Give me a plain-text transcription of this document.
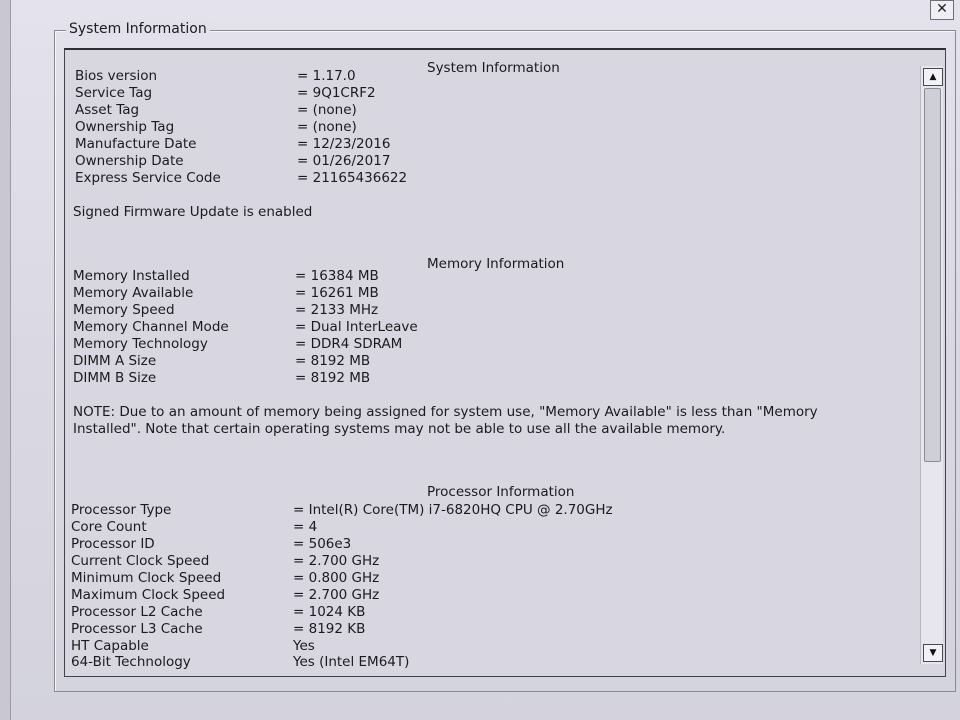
✕
System Information
System Information
Bios version	= 1.17.0
Service Tag	= 9Q1CRF2
Asset Tag	= (none)
Ownership Tag	= (none)
Manufacture Date	= 12/23/2016
Ownership Date	= 01/26/2017
Express Service Code	= 21165436622
Signed Firmware Update is enabled
Memory Information
Memory Installed	= 16384 MB
Memory Available	= 16261 MB
Memory Speed	= 2133 MHz
Memory Channel Mode	= Dual InterLeave
Memory Technology	= DDR4 SDRAM
DIMM A Size	= 8192 MB
DIMM B Size	= 8192 MB
NOTE: Due to an amount of memory being assigned for system use, "Memory Available" is less than "Memory Installed". Note that certain operating systems may not be able to use all the available memory.
Processor Information
Processor Type	= Intel(R) Core(TM) i7-6820HQ CPU @ 2.70GHz
Core Count	= 4
Processor ID	= 506e3
Current Clock Speed	= 2.700 GHz
Minimum Clock Speed	= 0.800 GHz
Maximum Clock Speed	= 2.700 GHz
Processor L2 Cache	= 1024 KB
Processor L3 Cache	= 8192 KB
HT Capable	Yes
64-Bit Technology	Yes (Intel EM64T)
▲
▼
